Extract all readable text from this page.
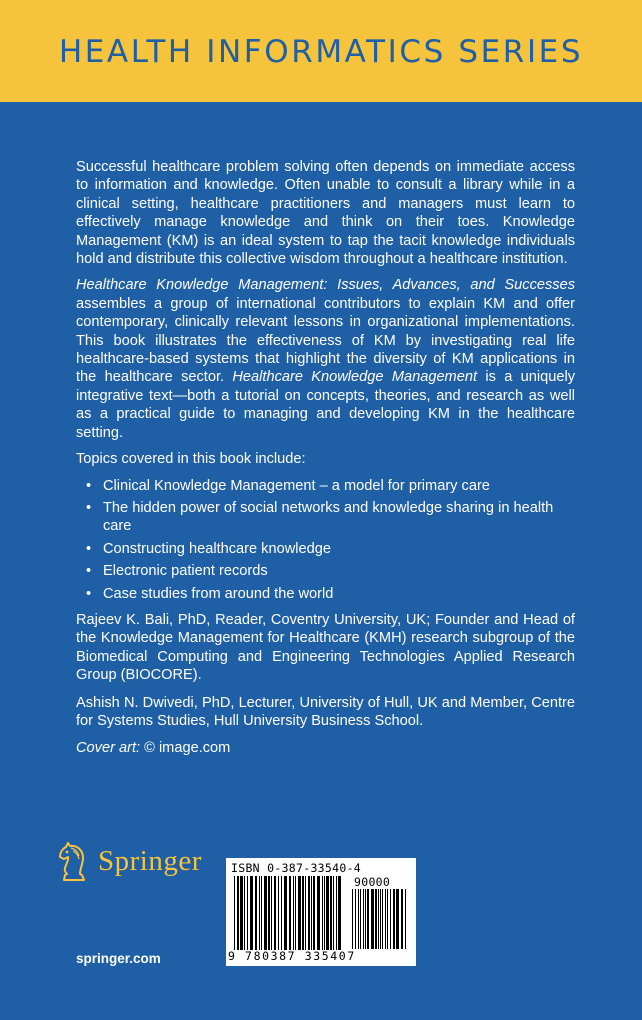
HEALTH INFORMATICS SERIES

Successful healthcare problem solving often depends on immediate access to information and knowledge. Often unable to consult a library while in a clinical setting, healthcare practitioners and managers must learn to effectively manage knowledge and think on their toes. Knowledge Management (KM) is an ideal system to tap the tacit knowledge individuals hold and distribute this collective wisdom throughout a healthcare institution.

Healthcare Knowledge Management: Issues, Advances, and Successes assembles a group of international contributors to explain KM and offer contemporary, clinically relevant lessons in organizational implementations. This book illustrates the effectiveness of KM by investigating real life healthcare-based systems that highlight the diversity of KM applications in the healthcare sector. Healthcare Knowledge Management is a uniquely integrative text—both a tutorial on concepts, theories, and research as well as a practical guide to managing and developing KM in the healthcare setting.

Topics covered in this book include:

• Clinical Knowledge Management – a model for primary care
• The hidden power of social networks and knowledge sharing in health care
• Constructing healthcare knowledge
• Electronic patient records
• Case studies from around the world

Rajeev K. Bali, PhD, Reader, Coventry University, UK; Founder and Head of the Knowledge Management for Healthcare (KMH) research subgroup of the Biomedical Computing and Engineering Technologies Applied Research Group (BIOCORE).

Ashish N. Dwivedi, PhD, Lecturer, University of Hull, UK and Member, Centre for Systems Studies, Hull University Business School.

Cover art: © image.com

Springer
springer.com
ISBN 0-387-33540-4
90000
9 780387 335407
